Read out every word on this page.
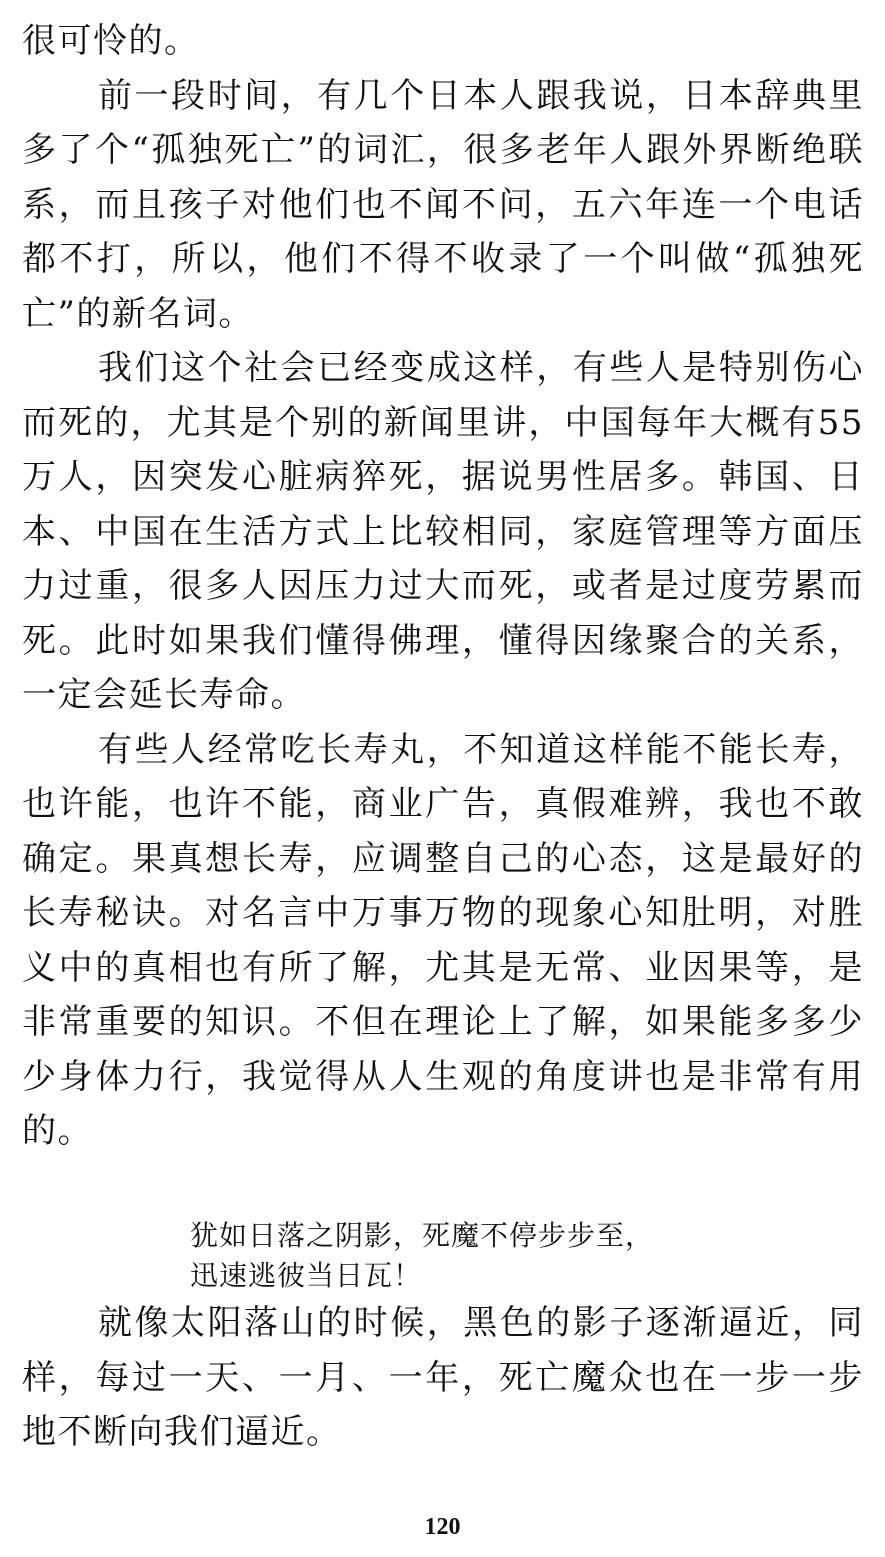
很可怜的。

前一段时间，有几个日本人跟我说，日本辞典里多了个“孤独死亡”的词汇，很多老年人跟外界断绝联系，而且孩子对他们也不闻不问，五六年连一个电话都不打，所以，他们不得不收录了一个叫做“孤独死亡”的新名词。

我们这个社会已经变成这样，有些人是特别伤心而死的，尤其是个别的新闻里讲，中国每年大概有55万人，因突发心脏病猝死，据说男性居多。韩国、日本、中国在生活方式上比较相同，家庭管理等方面压力过重，很多人因压力过大而死，或者是过度劳累而死。此时如果我们懂得佛理，懂得因缘聚合的关系，一定会延长寿命。

有些人经常吃长寿丸，不知道这样能不能长寿，也许能，也许不能，商业广告，真假难辨，我也不敢确定。果真想长寿，应调整自己的心态，这是最好的长寿秘诀。对名言中万事万物的现象心知肚明，对胜义中的真相也有所了解，尤其是无常、业因果等，是非常重要的知识。不但在理论上了解，如果能多多少少身体力行，我觉得从人生观的角度讲也是非常有用的。

犹如日落之阴影，死魔不停步步至，

迅速逃彼当日瓦！

就像太阳落山的时候，黑色的影子逐渐逼近，同样，每过一天、一月、一年，死亡魔众也在一步一步地不断向我们逼近。

120
